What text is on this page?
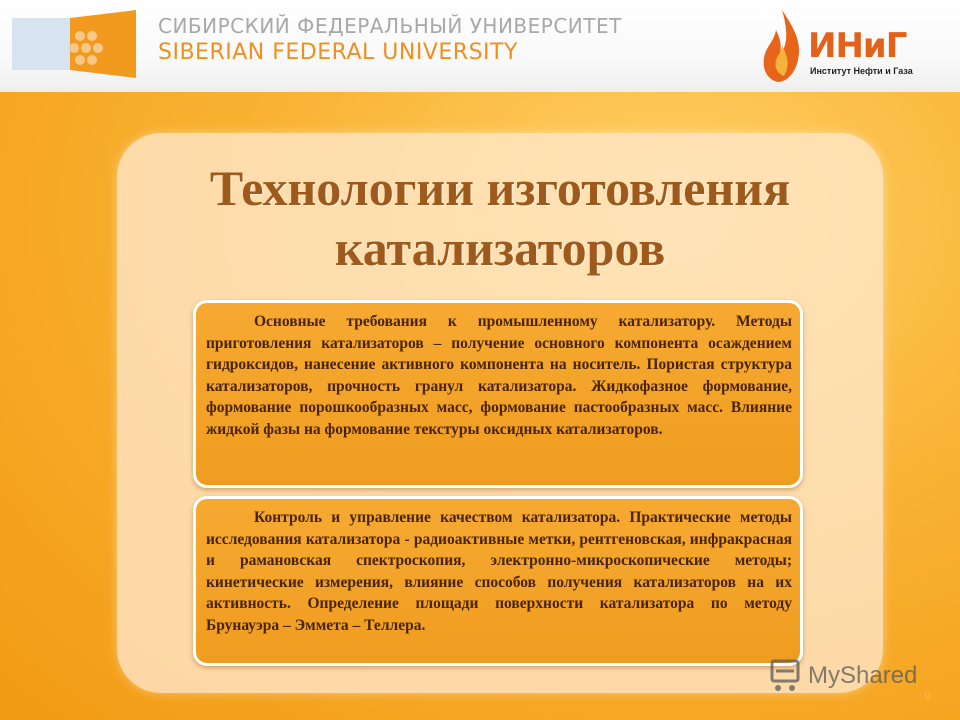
СИБИРСКИЙ ФЕДЕРАЛЬНЫЙ УНИВЕРСИТЕТ
SIBERIAN FEDERAL UNIVERSITY	ИНиГ
Институт Нефти и Газа
Технологии изготовления
катализаторов

Основные требования к промышленному катализатору. Методы приготовления катализаторов – получение основного компонента осаждением гидроксидов, нанесение активного компонента на носитель. Пористая структура катализаторов, прочность гранул катализатора. Жидкофазное формование, формование порошкообразных масс, формование пастообразных масс. Влияние жидкой фазы на формование текстуры оксидных катализаторов.

Контроль и управление качеством катализатора. Практические методы исследования катализатора - радиоактивные метки, рентгеновская, инфракрасная и рамановская спектроскопия, электронно-микроскопические методы; кинетические измерения, влияние способов получения катализаторов на их активность. Определение площади поверхности катализатора по методу Брунауэра – Эммета – Теллера.

MyShared
9
